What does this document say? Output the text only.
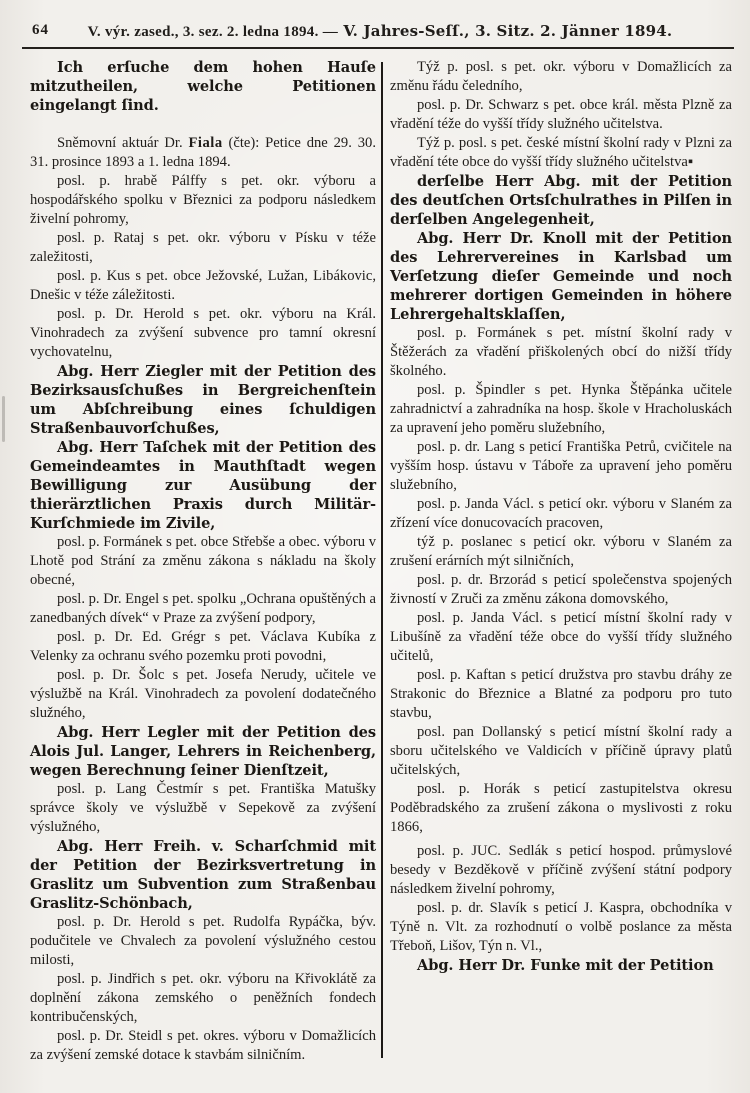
64	V. výr. zased., 3. sez. 2. ledna 1894. — V. Jahres-Seſſ., 3. Sitz. 2. Jänner 1894.

Ich erſuche dem hohen Hauſe mitzutheilen, welche Petitionen eingelangt ſind.

Sněmovní aktuár Dr. Fiala (čte): Petice dne 29. 30. 31. prosince 1893 a 1. ledna 1894.

posl. p. hrabě Pálffy s pet. okr. výboru a hospodářského spolku v Březnici za podporu následkem živelní pohromy,

posl. p. Rataj s pet. okr. výboru v Písku v téže zaležitosti,

posl. p. Kus s pet. obce Ježovské, Lužan, Libákovic, Dnešic v téže záležitosti.

posl. p. Dr. Herold s pet. okr. výboru na Král. Vinohradech za zvýšení subvence pro tamní okresní vychovatelnu,

Abg. Herr Ziegler mit der Petition des Bezirksausſchußes in Bergreichenſtein um Abſchreibung eines ſchuldigen Straßenbauvorſchußes,

Abg. Herr Taſchek mit der Petition des Gemeindeamtes in Mauthſtadt wegen Bewilligung zur Ausübung der thierärztlichen Praxis durch Militär-Kurſchmiede im Zivile,

posl. p. Formánek s pet. obce Střebše a obec. výboru v Lhotě pod Strání za změnu zákona s nákladu na školy obecné,

posl. p. Dr. Engel s pet. spolku „Ochrana opuštěných a zanedbaných dívek“ v Praze za zvýšení podpory,

posl. p. Dr. Ed. Grégr s pet. Václava Kubíka z Velenky za ochranu svého pozemku proti povodni,

posl. p. Dr. Šolc s pet. Josefa Nerudy, učitele ve výslužbě na Král. Vinohradech za povolení dodatečného služného,

Abg. Herr Legler mit der Petition des Alois Jul. Langer, Lehrers in Reichenberg, wegen Berechnung ſeiner Dienſtzeit,

posl. p. Lang Čestmír s pet. Františka Matušky správce školy ve výslužbě v Sepekově za zvýšení výslužného,

Abg. Herr Freih. v. Scharſchmid mit der Petition der Bezirksvertretung in Graslitz um Subvention zum Straßenbau Graslitz-Schönbach,

posl. p. Dr. Herold s pet. Rudolfa Rypáčka, býv. podučitele ve Chvalech za povolení výslužného cestou milosti,

posl. p. Jindřich s pet. okr. výboru na Křivoklátě za doplnění zákona zemského o peněžních fondech kontribučenských,

posl. p. Dr. Steidl s pet. okres. výboru v Domažlicích za zvýšení zemské dotace k stavbám silničním.

Týž p. posl. s pet. okr. výboru v Domažlicích za změnu řádu čeledního,

posl. p. Dr. Schwarz s pet. obce král. města Plzně za vřadění téže do vyšší třídy služného učitelstva.

Týž p. posl. s pet. české místní školní rady v Plzni za vřadění téte obce do vyšší třídy služného učitelstva▪

derſelbe Herr Abg. mit der Petition des deutſchen Ortsſchulrathes in Pilſen in derſelben Angelegenheit,

Abg. Herr Dr. Knoll mit der Petition des Lehrervereines in Karlsbad um Verſetzung dieſer Gemeinde und noch mehrerer dortigen Gemeinden in höhere Lehrergehaltsklaſſen,

posl. p. Formánek s pet. místní školní rady v Štěžerách za vřadění přiškolených obcí do nižší třídy školného.

posl. p. Špindler s pet. Hynka Štěpánka učitele zahradnictví a zahradníka na hosp. škole v Hracholuskách za upravení jeho poměru služebního,

posl. p. dr. Lang s peticí Františka Petrů, cvičitele na vyšším hosp. ústavu v Táboře za upravení jeho poměru služebního,

posl. p. Janda Václ. s peticí okr. výboru v Slaném za zřízení více donucovacích pracoven,

týž p. poslanec s peticí okr. výboru v Slaném za zrušení erárních mýt silničních,

posl. p. dr. Brzorád s peticí společenstva spojených živností v Zruči za změnu zákona domovského,

posl. p. Janda Václ. s peticí místní školní rady v Libušíně za vřadění téže obce do vyšší třídy služného učitelů,

posl. p. Kaftan s peticí družstva pro stavbu dráhy ze Strakonic do Březnice a Blatné za podporu pro tuto stavbu,

posl. pan Dollanský s peticí místní školní rady a sboru učitelského ve Valdicích v příčině úpravy platů učitelských,

posl. p. Horák s peticí zastupitelstva okresu Poděbradského za zrušení zákona o myslivosti z roku 1866,

posl. p. JUC. Sedlák s peticí hospod. průmyslové besedy v Bezděkově v příčině zvýšení státní podpory následkem živelní pohromy,

posl. p. dr. Slavík s peticí J. Kaspra, obchodníka v Týně n. Vlt. za rozhodnutí o volbě poslance za města Třeboň, Lišov, Týn n. Vl.,

Abg. Herr Dr. Funke mit der Petition
